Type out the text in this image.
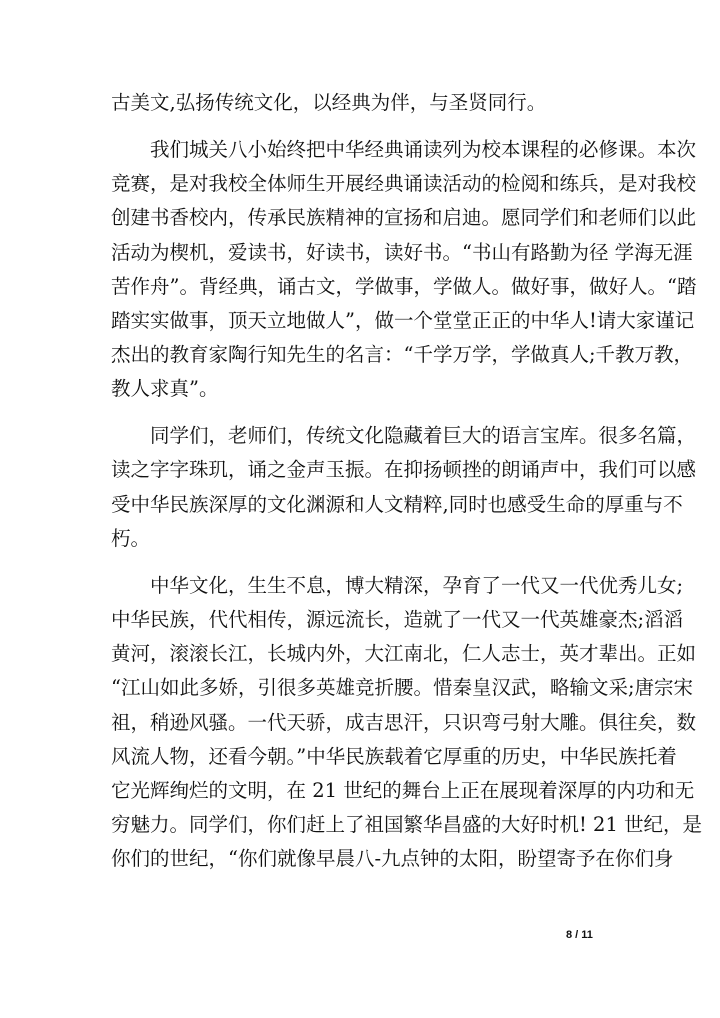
古美文,弘扬传统文化，以经典为伴，与圣贤同行。
我们城关八小始终把中华经典诵读列为校本课程的必修课。本次
竞赛，是对我校全体师生开展经典诵读活动的检阅和练兵，是对我校
创建书香校内，传承民族精神的宣扬和启迪。愿同学们和老师们以此
活动为楔机，爱读书，好读书，读好书。“书山有路勤为径 学海无涯
苦作舟”。背经典，诵古文，学做事，学做人。做好事，做好人。“踏
踏实实做事，顶天立地做人”，做一个堂堂正正的中华人!请大家谨记
杰出的教育家陶行知先生的名言：“千学万学，学做真人;千教万教，
教人求真”。
同学们，老师们，传统文化隐藏着巨大的语言宝库。很多名篇，
读之字字珠玑，诵之金声玉振。在抑扬顿挫的朗诵声中，我们可以感
受中华民族深厚的文化渊源和人文精粹,同时也感受生命的厚重与不
朽。
中华文化，生生不息，博大精深，孕育了一代又一代优秀儿女;
中华民族，代代相传，源远流长，造就了一代又一代英雄豪杰;滔滔
黄河，滚滚长江，长城内外，大江南北，仁人志士，英才辈出。正如
“江山如此多娇，引很多英雄竞折腰。惜秦皇汉武，略输文采;唐宗宋
祖，稍逊风骚。一代天骄，成吉思汗，只识弯弓射大雕。俱往矣，数
风流人物，还看今朝。”中华民族载着它厚重的历史，中华民族托着
它光辉绚烂的文明，在 21 世纪的舞台上正在展现着深厚的内功和无
穷魅力。同学们，你们赶上了祖国繁华昌盛的大好时机! 21 世纪，是
你们的世纪，“你们就像早晨八-九点钟的太阳，盼望寄予在你们身
8 / 11
